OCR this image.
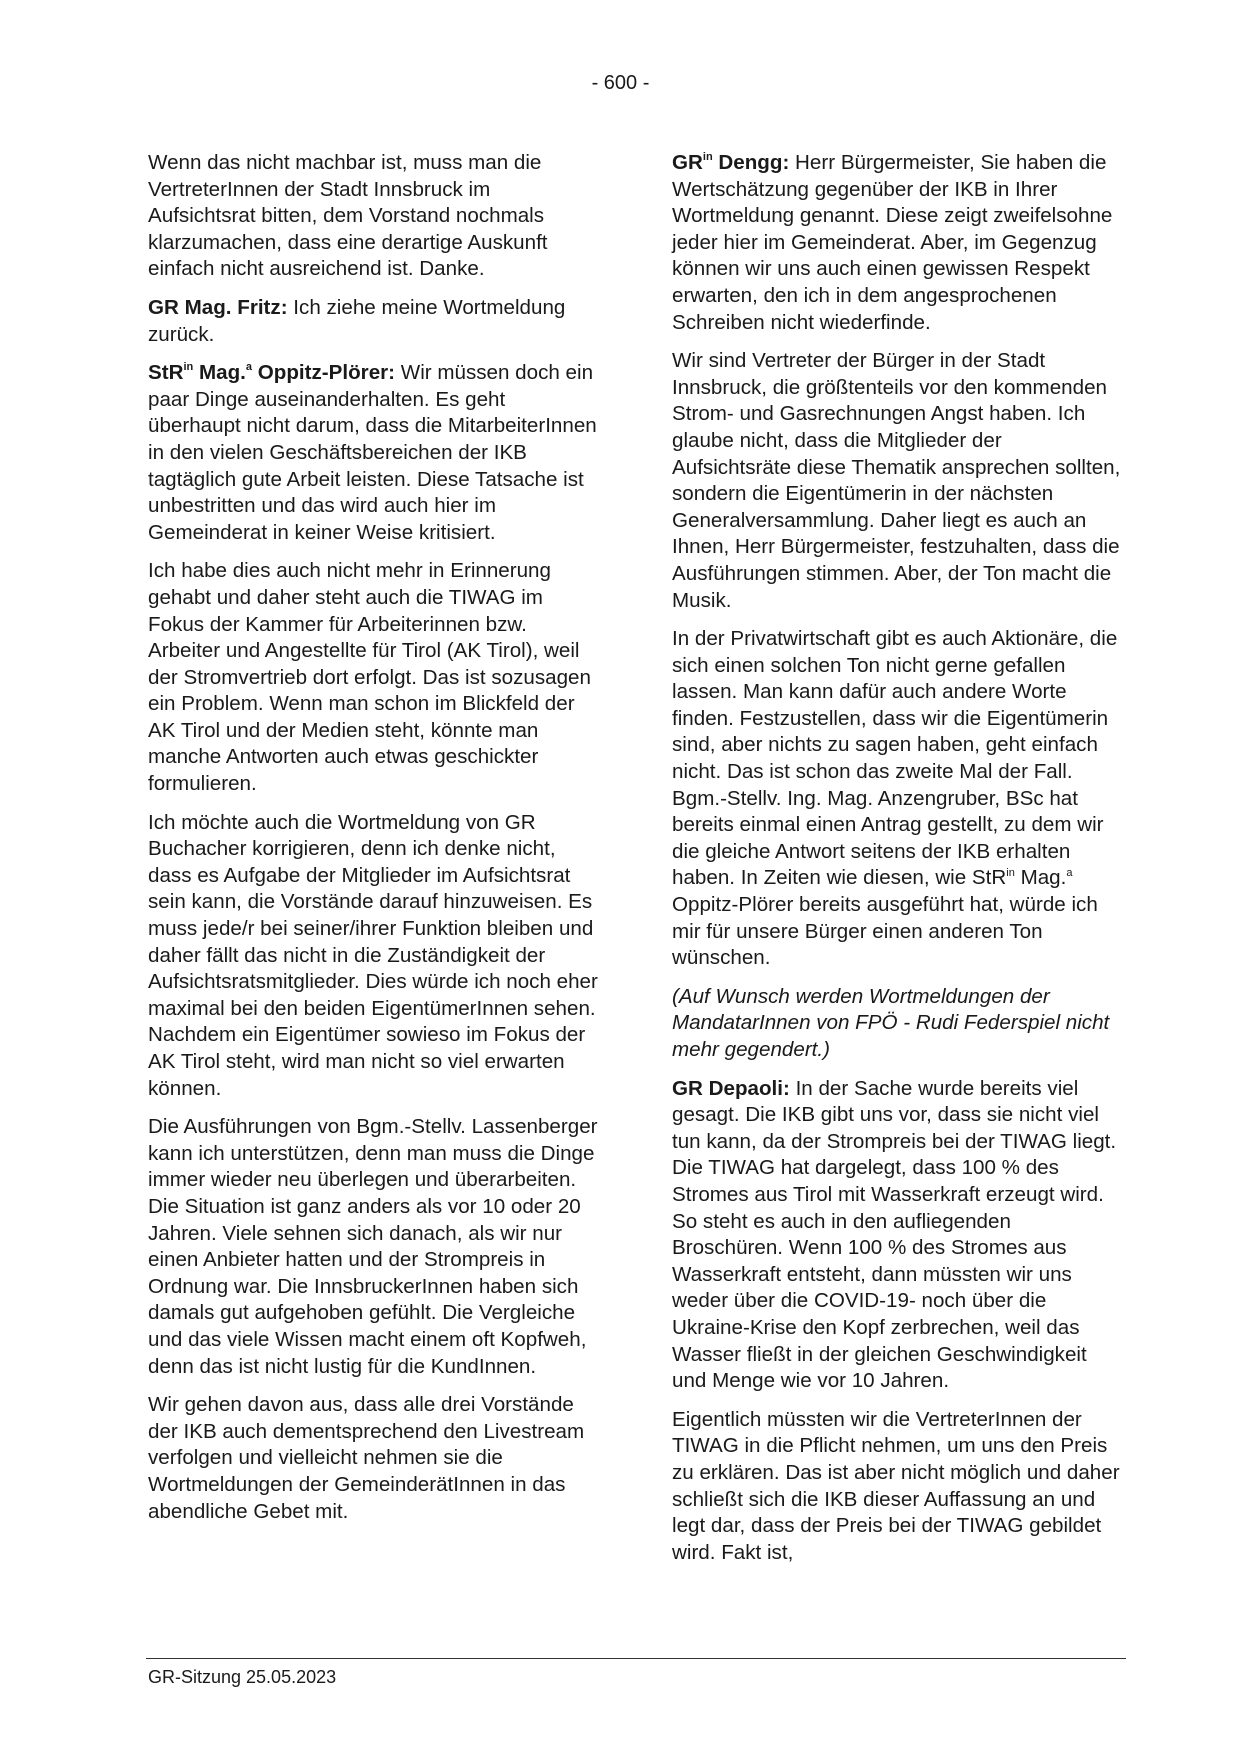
- 600 -

Wenn das nicht machbar ist, muss man die VertreterInnen der Stadt Innsbruck im Aufsichtsrat bitten, dem Vorstand nochmals klarzumachen, dass eine derartige Auskunft einfach nicht ausreichend ist. Danke.

GR Mag. Fritz: Ich ziehe meine Wortmeldung zurück.

StR$^{in}$ Mag.$^a$ Oppitz-Plörer: Wir müssen doch ein paar Dinge auseinanderhalten. Es geht überhaupt nicht darum, dass die MitarbeiterInnen in den vielen Geschäftsbereichen der IKB tagtäglich gute Arbeit leisten. Diese Tatsache ist unbestritten und das wird auch hier im Gemeinderat in keiner Weise kritisiert.

Ich habe dies auch nicht mehr in Erinnerung gehabt und daher steht auch die TIWAG im Fokus der Kammer für Arbeiterinnen bzw. Arbeiter und Angestellte für Tirol (AK Tirol), weil der Stromvertrieb dort erfolgt. Das ist sozusagen ein Problem. Wenn man schon im Blickfeld der AK Tirol und der Medien steht, könnte man manche Antworten auch etwas geschickter formulieren.

Ich möchte auch die Wortmeldung von GR Buchacher korrigieren, denn ich denke nicht, dass es Aufgabe der Mitglieder im Aufsichtsrat sein kann, die Vorstände darauf hinzuweisen. Es muss jede/r bei seiner/ihrer Funktion bleiben und daher fällt das nicht in die Zuständigkeit der Aufsichtsratsmitglieder. Dies würde ich noch eher maximal bei den beiden EigentümerInnen sehen. Nachdem ein Eigentümer sowieso im Fokus der AK Tirol steht, wird man nicht so viel erwarten können.

Die Ausführungen von Bgm.-Stellv. Lassenberger kann ich unterstützen, denn man muss die Dinge immer wieder neu überlegen und überarbeiten. Die Situation ist ganz anders als vor 10 oder 20 Jahren. Viele sehnen sich danach, als wir nur einen Anbieter hatten und der Strompreis in Ordnung war. Die InnsbruckerInnen haben sich damals gut aufgehoben gefühlt. Die Vergleiche und das viele Wissen macht einem oft Kopfweh, denn das ist nicht lustig für die KundInnen.

Wir gehen davon aus, dass alle drei Vorstände der IKB auch dementsprechend den Livestream verfolgen und vielleicht nehmen sie die Wortmeldungen der GemeinderätInnen in das abendliche Gebet mit.

$GR^{in}$ Dengg: Herr Bürgermeister, Sie haben die Wertschätzung gegenüber der IKB in Ihrer Wortmeldung genannt. Diese zeigt zweifelsohne jeder hier im Gemeinderat. Aber, im Gegenzug können wir uns auch einen gewissen Respekt erwarten, den ich in dem angesprochenen Schreiben nicht wiederfinde.

Wir sind Vertreter der Bürger in der Stadt Innsbruck, die größtenteils vor den kommenden Strom- und Gasrechnungen Angst haben. Ich glaube nicht, dass die Mitglieder der Aufsichtsräte diese Thematik ansprechen sollten, sondern die Eigentümerin in der nächsten Generalversammlung. Daher liegt es auch an Ihnen, Herr Bürgermeister, festzuhalten, dass die Ausführungen stimmen. Aber, der Ton macht die Musik.

In der Privatwirtschaft gibt es auch Aktionäre, die sich einen solchen Ton nicht gerne gefallen lassen. Man kann dafür auch andere Worte finden. Festzustellen, dass wir die Eigentümerin sind, aber nichts zu sagen haben, geht einfach nicht. Das ist schon das zweite Mal der Fall. Bgm.-Stellv. Ing. Mag. Anzengruber, BSc hat bereits einmal einen Antrag gestellt, zu dem wir die gleiche Antwort seitens der IKB erhalten haben. In Zeiten wie diesen, wie StR$^{in}$ Mag.$^a$ Oppitz-Plörer bereits ausgeführt hat, würde ich mir für unsere Bürger einen anderen Ton wünschen.

(Auf Wunsch werden Wortmeldungen der MandatarInnen von FPÖ - Rudi Federspiel nicht mehr gegendert.)

GR Depaoli: In der Sache wurde bereits viel gesagt. Die IKB gibt uns vor, dass sie nicht viel tun kann, da der Strompreis bei der TIWAG liegt. Die TIWAG hat dargelegt, dass 100 % des Stromes aus Tirol mit Wasserkraft erzeugt wird. So steht es auch in den aufliegenden Broschüren. Wenn 100 % des Stromes aus Wasserkraft entsteht, dann müssten wir uns weder über die COVID-19- noch über die Ukraine-Krise den Kopf zerbrechen, weil das Wasser fließt in der gleichen Geschwindigkeit und Menge wie vor 10 Jahren.

Eigentlich müssten wir die VertreterInnen der TIWAG in die Pflicht nehmen, um uns den Preis zu erklären. Das ist aber nicht möglich und daher schließt sich die IKB dieser Auffassung an und legt dar, dass der Preis bei der TIWAG gebildet wird. Fakt ist,

GR-Sitzung 25.05.2023
